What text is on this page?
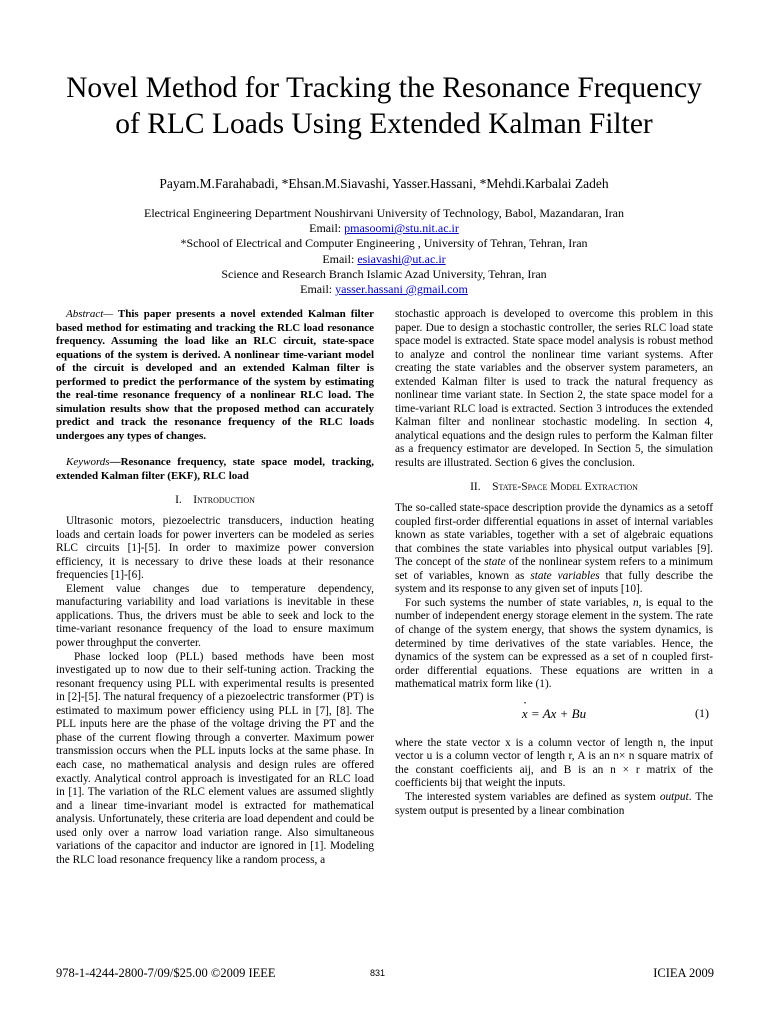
Novel Method for Tracking the Resonance Frequency
of RLC Loads Using Extended Kalman Filter
Payam.M.Farahabadi, *Ehsan.M.Siavashi, Yasser.Hassani, *Mehdi.Karbalai Zadeh
Electrical Engineering Department Noushirvani University of Technology, Babol, Mazandaran, Iran
Email: pmasoomi@stu.nit.ac.ir
*School of Electrical and Computer Engineering , University of Tehran, Tehran, Iran
Email: esiavashi@ut.ac.ir
Science and Research Branch Islamic Azad University, Tehran, Iran
Email: yasser.hassani @gmail.com

Abstract— This paper presents a novel extended Kalman filter based method for estimating and tracking the RLC load resonance frequency. Assuming the load like an RLC circuit, state-space equations of the system is derived. A nonlinear time-variant model of the circuit is developed and an extended Kalman filter is performed to predict the performance of the system by estimating the real-time resonance frequency of a nonlinear RLC load. The simulation results show that the proposed method can accurately predict and track the resonance frequency of the RLC loads undergoes any types of changes.

Keywords—Resonance frequency, state space model, tracking, extended Kalman filter (EKF), RLC load

I. Introduction

Ultrasonic motors, piezoelectric transducers, induction heating loads and certain loads for power inverters can be modeled as series RLC circuits [1]-[5]. In order to maximize power conversion efficiency, it is necessary to drive these loads at their resonance frequencies [1]-[6].

Element value changes due to temperature dependency, manufacturing variability and load variations is inevitable in these applications. Thus, the drivers must be able to seek and lock to the time-variant resonance frequency of the load to ensure maximum power throughput the converter.

Phase locked loop (PLL) based methods have been most investigated up to now due to their self-tuning action. Tracking the resonant frequency using PLL with experimental results is presented in [2]-[5]. The natural frequency of a piezoelectric transformer (PT) is estimated to maximum power efficiency using PLL in [7], [8]. The PLL inputs here are the phase of the voltage driving the PT and the phase of the current flowing through a converter. Maximum power transmission occurs when the PLL inputs locks at the same phase. In each case, no mathematical analysis and design rules are offered exactly. Analytical control approach is investigated for an RLC load in [1]. The variation of the RLC element values are assumed slightly and a linear time-invariant model is extracted for mathematical analysis. Unfortunately, these criteria are load dependent and could be used only over a narrow load variation range. Also simultaneous variations of the capacitor and inductor are ignored in [1]. Modeling the RLC load resonance frequency like a random process, a

stochastic approach is developed to overcome this problem in this paper. Due to design a stochastic controller, the series RLC load state space model is extracted. State space model analysis is robust method to analyze and control the nonlinear time variant systems. After creating the state variables and the observer system parameters, an extended Kalman filter is used to track the natural frequency as nonlinear time variant state. In Section 2, the state space model for a time-variant RLC load is extracted. Section 3 introduces the extended Kalman filter and nonlinear stochastic modeling. In section 4, analytical equations and the design rules to perform the Kalman filter as a frequency estimator are developed. In Section 5, the simulation results are illustrated. Section 6 gives the conclusion.

II. State-Space Model Extraction

The so-called state-space description provide the dynamics as a setoff coupled first-order differential equations in asset of internal variables known as state variables, together with a set of algebraic equations that combines the state variables into physical output variables [9]. The concept of the state of the nonlinear system refers to a minimum set of variables, known as state variables that fully describe the system and its response to any given set of inputs [10].

For such systems the number of state variables, n, is equal to the number of independent energy storage element in the system. The rate of change of the system energy, that shows the system dynamics, is determined by time derivatives of the state variables. Hence, the dynamics of the system can be expressed as a set of n coupled first-order differential equations. These equations are written in a mathematical matrix form like (1).

x · = Ax + Bu	(1)

where the state vector x is a column vector of length n, the input vector u is a column vector of length r, A is an n× n square matrix of the constant coefficients aij, and B is an n × r matrix of the coefficients bij that weight the inputs.

The interested system variables are defined as system output. The system output is presented by a linear combination

978-1-4244-2800-7/09/$25.00 ©2009 IEEE	831	ICIEA 2009
